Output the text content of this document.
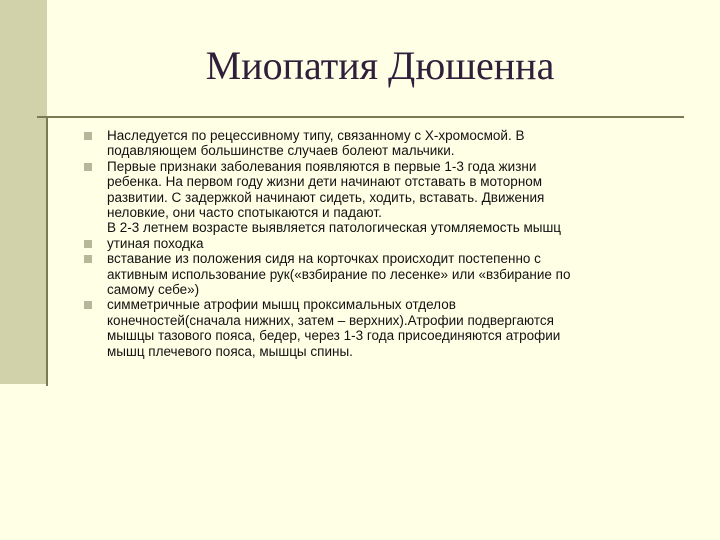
Миопатия Дюшенна
Наследуется по рецессивному типу, связанному с Х-хромосмой. В
подавляющем большинстве случаев болеют мальчики.
Первые признаки заболевания появляются в первые 1-3 года жизни
ребенка. На первом году жизни дети начинают отставать в моторном
развитии. С задержкой начинают сидеть, ходить, вставать. Движения
неловкие, они часто спотыкаются и падают.
В 2-3 летнем возрасте выявляется патологическая утомляемость мышц
утиная походка
вставание из положения сидя на корточках происходит постепенно с
активным использование рук(«взбирание по лесенке» или «взбирание по
самому себе»)
симметричные атрофии мышц проксимальных отделов
конечностей(сначала нижних, затем – верхних).Атрофии подвергаются
мышцы тазового пояса, бедер, через 1-3 года присоединяются атрофии
мышц плечевого пояса, мышцы спины.
